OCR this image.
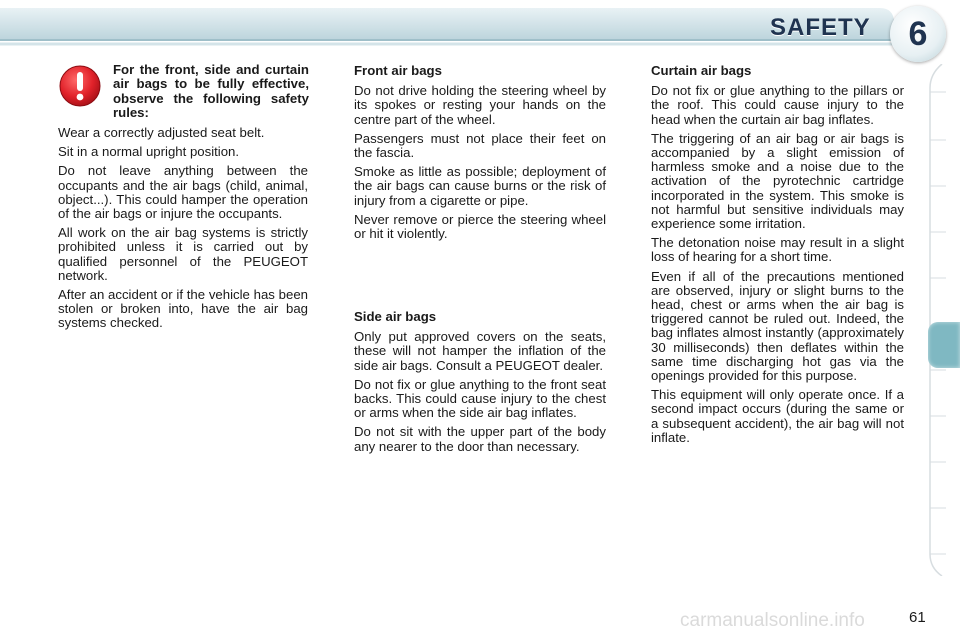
SAFETY 6
For the front, side and curtain air bags to be fully effective, observe the following safety rules:

Wear a correctly adjusted seat belt.

Sit in a normal upright position.

Do not leave anything between the occupants and the air bags (child, animal, object...). This could hamper the operation of the air bags or injure the occupants.

All work on the air bag systems is strictly prohibited unless it is carried out by qualified personnel of the PEUGEOT network.

After an accident or if the vehicle has been stolen or broken into, have the air bag systems checked.

Front air bags

Do not drive holding the steering wheel by its spokes or resting your hands on the centre part of the wheel.

Passengers must not place their feet on the fascia.

Smoke as little as possible; deployment of the air bags can cause burns or the risk of injury from a cigarette or pipe.

Never remove or pierce the steering wheel or hit it violently.

Side air bags

Only put approved covers on the seats, these will not hamper the inflation of the side air bags. Consult a PEUGEOT dealer.

Do not fix or glue anything to the front seat backs. This could cause injury to the chest or arms when the side air bag inflates.

Do not sit with the upper part of the body any nearer to the door than necessary.

Curtain air bags

Do not fix or glue anything to the pillars or the roof. This could cause injury to the head when the curtain air bag inflates.

The triggering of an air bag or air bags is accompanied by a slight emission of harmless smoke and a noise due to the activation of the pyrotechnic cartridge incorporated in the system. This smoke is not harmful but sensitive individuals may experience some irritation.

The detonation noise may result in a slight loss of hearing for a short time.

Even if all of the precautions mentioned are observed, injury or slight burns to the head, chest or arms when the air bag is triggered cannot be ruled out. Indeed, the bag inflates almost instantly (approximately 30 milliseconds) then deflates within the same time discharging hot gas via the openings provided for this purpose.

This equipment will only operate once. If a second impact occurs (during the same or a subsequent accident), the air bag will not inflate.

carmanualsonline.info	61
